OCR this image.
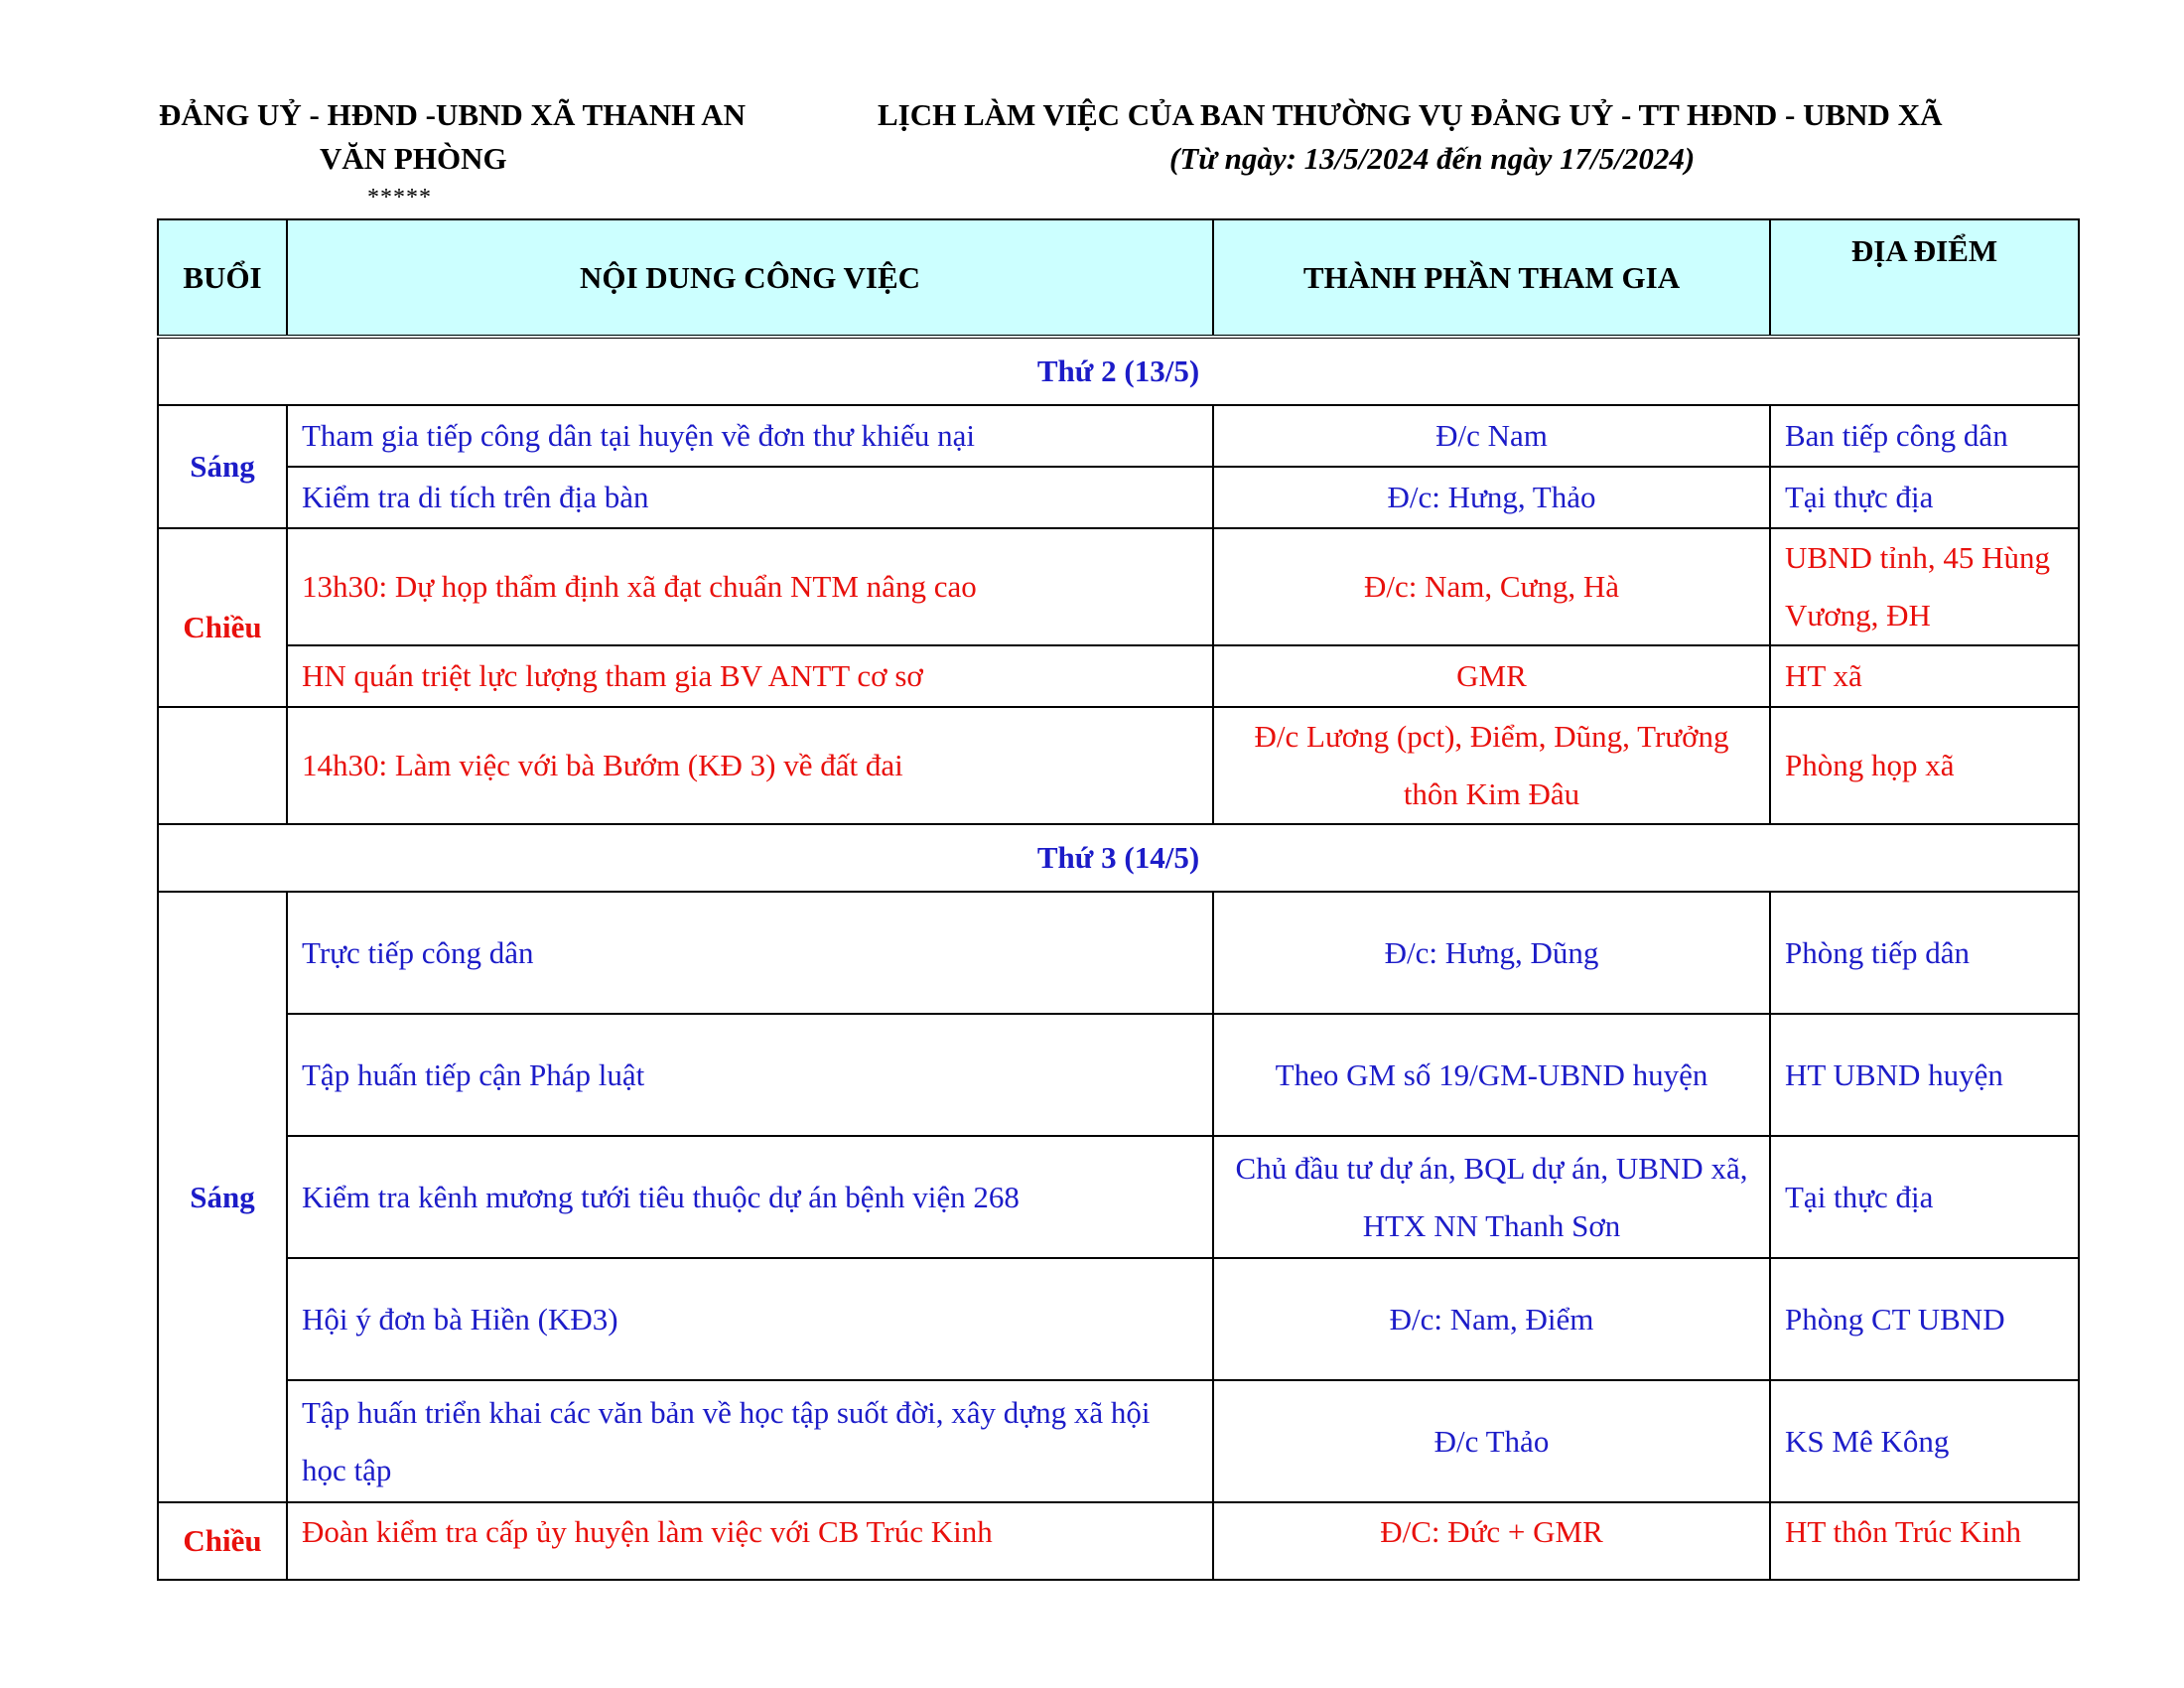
ĐẢNG UỶ - HĐND -UBND XÃ THANH AN
VĂN PHÒNG
*****
LỊCH LÀM VIỆC CỦA BAN THƯỜNG VỤ ĐẢNG UỶ - TT HĐND - UBND XÃ
(Từ ngày: 13/5/2024 đến ngày 17/5/2024)
BUỔI	NỘI DUNG CÔNG VIỆC	THÀNH PHẦN THAM GIA	ĐỊA ĐIỂM
Thứ 2 (13/5)			
Sáng	Tham gia tiếp công dân tại huyện về đơn thư khiếu nại	Đ/c Nam	Ban tiếp công dân
	Kiểm tra di tích trên địa bàn	Đ/c: Hưng, Thảo	Tại thực địa
Chiều	13h30: Dự họp thẩm định xã đạt chuẩn NTM nâng cao	Đ/c: Nam, Cưng, Hà	UBND tỉnh, 45 Hùng Vương, ĐH
	HN quán triệt lực lượng tham gia BV ANTT cơ sơ	GMR	HT xã
	14h30: Làm việc với bà Bướm (KĐ 3) về đất đai	Đ/c Lương (pct), Điểm, Dũng, Trưởng thôn Kim Đâu	Phòng họp xã
Thứ 3 (14/5)			
Sáng	Trực tiếp công dân	Đ/c: Hưng, Dũng	Phòng tiếp dân
	Tập huấn tiếp cận Pháp luật	Theo GM số 19/GM-UBND huyện	HT UBND huyện
	Kiểm tra kênh mương tưới tiêu thuộc dự án bệnh viện 268	Chủ đầu tư dự án, BQL dự án, UBND xã, HTX NN Thanh Sơn	Tại thực địa
	Hội ý đơn bà Hiền (KĐ3)	Đ/c: Nam, Điểm	Phòng CT UBND
	Tập huấn triển khai các văn bản về học tập suốt đời, xây dựng xã hội học tập	Đ/c Thảo	KS Mê Kông
Chiều	Đoàn kiểm tra cấp ủy huyện làm việc với CB Trúc Kinh	Đ/C: Đức + GMR	HT thôn Trúc Kinh
